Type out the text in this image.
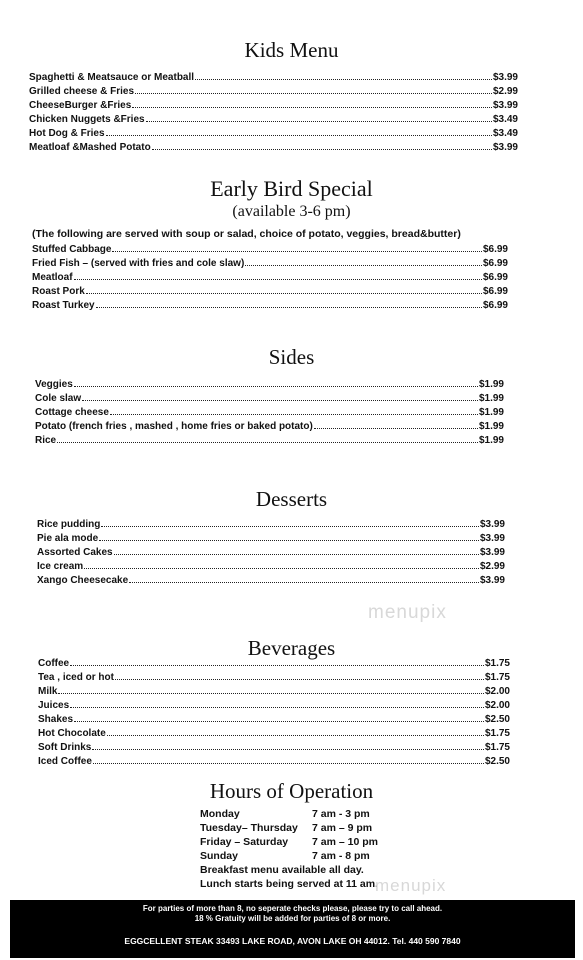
Kids Menu
Spaghetti & Meatsauce or Meatball	$3.99
Grilled cheese & Fries	$2.99
CheeseBurger &Fries	$3.99
Chicken Nuggets &Fries	$3.49
Hot Dog & Fries	$3.49
Meatloaf &Mashed Potato	$3.99
Early Bird Special
(available 3-6 pm)
(The following are served with soup or salad, choice of potato, veggies, bread&butter)
Stuffed Cabbage	$6.99
Fried Fish – (served with fries and cole slaw)	$6.99
Meatloaf	$6.99
Roast Pork	$6.99
Roast Turkey	$6.99
Sides
Veggies	$1.99
Cole slaw	$1.99
Cottage cheese	$1.99
Potato (french fries , mashed , home fries or baked potato)	$1.99
Rice	$1.99
Desserts
Rice pudding	$3.99
Pie ala mode	$3.99
Assorted Cakes	$3.99
Ice cream	$2.99
Xango Cheesecake	$3.99
Beverages
Coffee	$1.75
Tea , iced or hot	$1.75
Milk	$2.00
Juices	$2.00
Shakes	$2.50
Hot Chocolate	$1.75
Soft Drinks	$1.75
Iced Coffee	$2.50
Hours of Operation
Monday	7 am - 3 pm
Tuesday– Thursday	7 am – 9 pm
Friday – Saturday	7 am – 10 pm
Sunday	7 am - 8 pm
Breakfast menu available all day.
Lunch starts being served at 11 am.
menupix
menupix
For parties of more than 8, no seperate checks please, please try to call ahead.
18 % Gratuity will be added for parties of 8 or more.
EGGCELLENT STEAK 33493 LAKE ROAD, AVON LAKE OH 44012. Tel. 440 590 7840
